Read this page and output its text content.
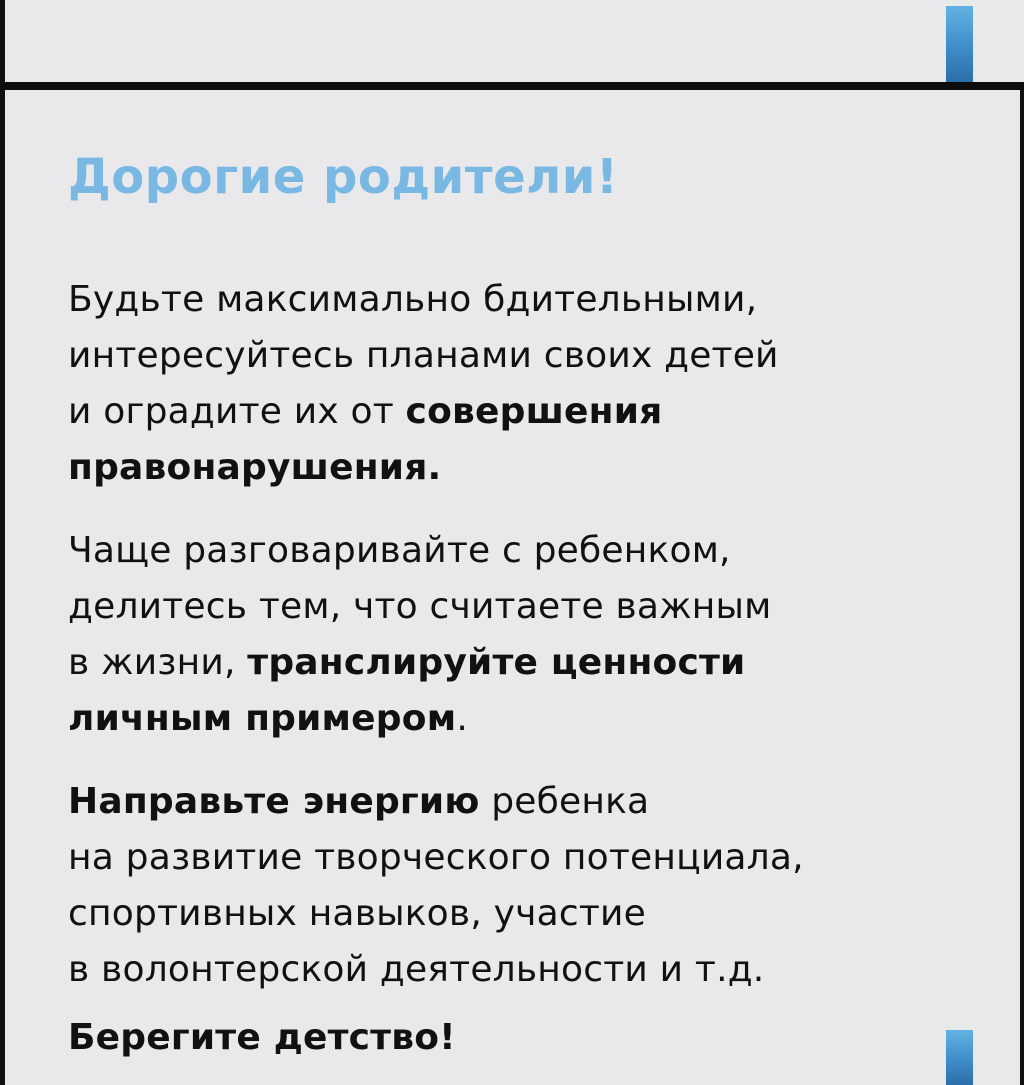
Дорогие родители!

Будьте максимально бдительными,
интересуйтесь планами своих детей
и оградите их от совершения
правонарушения.

Чаще разговаривайте с ребенком,
делитесь тем, что считаете важным
в жизни, транслируйте ценности
личным примером.

Направьте энергию ребенка
на развитие творческого потенциала,
спортивных навыков, участие
в волонтерской деятельности и т.д.

Берегите детство!
